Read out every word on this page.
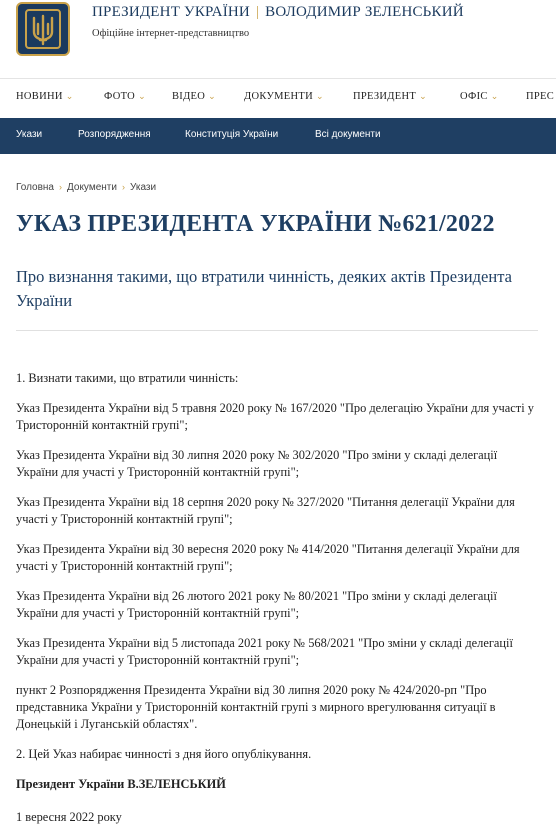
ПРЕЗИДЕНТ УКРАЇНИ | ВОЛОДИМИР ЗЕЛЕНСЬКИЙ
Офіційне інтернет-представництво
НОВИНИ ⌄	ФОТО ⌄ ВІДЕО ⌄	ДОКУМЕНТИ ⌄	ПРЕЗИДЕНТ ⌄	ОФІС ⌄	ПРЕС
Укази	Розпорядження	Конституція України	Всі документи
Головна › Документи › Укази
УКАЗ ПРЕЗИДЕНТА УКРАЇНИ №621/2022
Про визнання такими, що втратили чинність, деяких актів Президента України

1. Визнати такими, що втратили чинність:

Указ Президента України від 5 травня 2020 року № 167/2020 "Про делегацію України для участі у Тристоронній контактній групі";

Указ Президента України від 30 липня 2020 року № 302/2020 "Про зміни у складі делегації України для участі у Тристоронній контактній групі";

Указ Президента України від 18 серпня 2020 року № 327/2020 "Питання делегації України для участі у Тристоронній контактній групі";

Указ Президента України від 30 вересня 2020 року № 414/2020 "Питання делегації України для участі у Тристоронній контактній групі";

Указ Президента України від 26 лютого 2021 року № 80/2021 "Про зміни у складі делегації України для участі у Тристоронній контактній групі";

Указ Президента України від 5 листопада 2021 року № 568/2021 "Про зміни у складі делегації України для участі у Тристоронній контактній групі";

пункт 2 Розпорядження Президента України від 30 липня 2020 року № 424/2020-рп "Про представника України у Тристоронній контактній групі з мирного врегулювання ситуації в Донецькій і Луганській областях".

2. Цей Указ набирає чинності з дня його опублікування.

Президент України В.ЗЕЛЕНСЬКИЙ

1 вересня 2022 року
